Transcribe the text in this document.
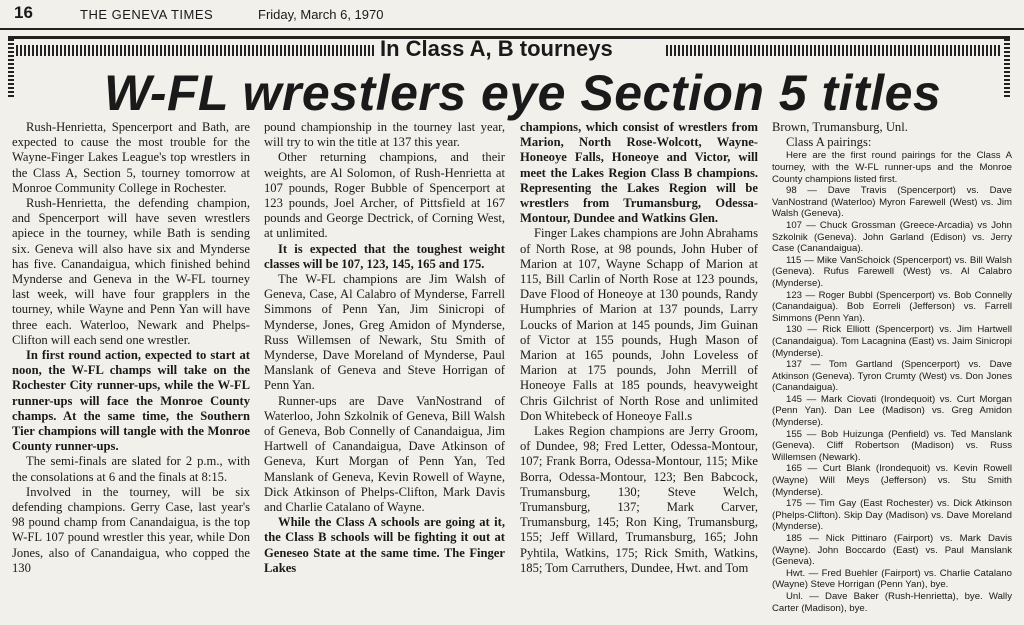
16	THE GENEVA TIMES	Friday, March 6, 1970
In Class A, B tourneys
W-FL wrestlers eye Section 5 titles

Rush-Henrietta, Spencerport and Bath, are expected to cause the most trouble for the Wayne-Finger Lakes League's top wrestlers in the Class A, Section 5, tourney tomorrow at Monroe Community College in Rochester.

Rush-Henrietta, the defending champion, and Spencerport will have seven wrestlers apiece in the tourney, while Bath is sending six. Geneva will also have six and Mynderse has five. Canandaigua, which finished behind Mynderse and Geneva in the W-FL tourney last week, will have four grapplers in the tourney, while Wayne and Penn Yan will have three each. Waterloo, Newark and Phelps-Clifton will each send one wrestler.

In first round action, expected to start at noon, the W-FL champs will take on the Rochester City runner-ups, while the W-FL runner-ups will face the Monroe County champs. At the same time, the Southern Tier champions will tangle with the Monroe County runner-ups.

The semi-finals are slated for 2 p.m., with the consolations at 6 and the finals at 8:15.

Involved in the tourney, will be six defending champions. Gerry Case, last year's 98 pound champ from Canandaigua, is the top W-FL 107 pound wrestler this year, while Don Jones, also of Canandaigua, who copped the 130

pound championship in the tourney last year, will try to win the title at 137 this year.

Other returning champions, and their weights, are Al Solomon, of Rush-Henrietta at 107 pounds, Roger Bubble of Spencerport at 123 pounds, Joel Archer, of Pittsfield at 167 pounds and George Dectrick, of Corning West, at unlimited.

It is expected that the toughest weight classes will be 107, 123, 145, 165 and 175.

The W-FL champions are Jim Walsh of Geneva, Case, Al Calabro of Mynderse, Farrell Simmons of Penn Yan, Jim Sinicropi of Mynderse, Jones, Greg Amidon of Mynderse, Russ Willemsen of Newark, Stu Smith of Mynderse, Dave Moreland of Mynderse, Paul Manslank of Geneva and Steve Horrigan of Penn Yan.

Runner-ups are Dave VanNostrand of Waterloo, John Szkolnik of Geneva, Bill Walsh of Geneva, Bob Connelly of Canandaigua, Jim Hartwell of Canandaigua, Dave Atkinson of Geneva, Kurt Morgan of Penn Yan, Ted Manslank of Geneva, Kevin Rowell of Wayne, Dick Atkinson of Phelps-Clifton, Mark Davis and Charlie Catalano of Wayne.

While the Class A schools are going at it, the Class B schools will be fighting it out at Geneseo State at the same time. The Finger Lakes

champions, which consist of wrestlers from Marion, North Rose-Wolcott, Wayne-Honeoye Falls, Honeoye and Victor, will meet the Lakes Region Class B champions. Representing the Lakes Region will be wrestlers from Trumansburg, Odessa-Montour, Dundee and Watkins Glen.

Finger Lakes champions are John Abrahams of North Rose, at 98 pounds, John Huber of Marion at 107, Wayne Schapp of Marion at 115, Bill Carlin of North Rose at 123 pounds, Dave Flood of Honeoye at 130 pounds, Randy Humphries of Marion at 137 pounds, Larry Loucks of Marion at 145 pounds, Jim Guinan of Victor at 155 pounds, Hugh Mason of Marion at 165 pounds, John Loveless of Marion at 175 pounds, John Merrill of Honeoye Falls at 185 pounds, heavyweight Chris Gilchrist of North Rose and unlimited Don Whitebeck of Honeoye Fall.s

Lakes Region champions are Jerry Groom, of Dundee, 98; Fred Letter, Odessa-Montour, 107; Frank Borra, Odessa-Montour, 115; Mike Borra, Odessa-Montour, 123; Ben Babcock, Trumansburg, 130; Steve Welch, Trumansburg, 137; Mark Carver, Trumansburg, 145; Ron King, Trumansburg, 155; Jeff Willard, Trumansburg, 165; John Pyhtila, Watkins, 175; Rick Smith, Watkins, 185; Tom Carruthers, Dundee, Hwt. and Tom

Brown, Trumansburg, Unl.

Class A pairings:

Here are the first round pairings for the Class A tourney, with the W-FL runner-ups and the Monroe County champions listed first.

98 — Dave Travis (Spencerport) vs. Dave VanNostrand (Waterloo) Myron Farewell (West) vs. Jim Walsh (Geneva).

107 — Chuck Grossman (Greece-Arcadia) vs John Szkolnik (Geneva). John Garland (Edison) vs. Jerry Case (Canandaigua).

115 — Mike VanSchoick (Spencerport) vs. Bill Walsh (Geneva). Rufus Farewell (West) vs. Al Calabro (Mynderse).

123 — Roger Bubbl (Spencerport) vs. Bob Connelly (Canandaigua). Bob Eorreli (Jefferson) vs. Farrell Simmons (Penn Yan).

130 — Rick Elliott (Spencerport) vs. Jim Hartwell (Canandaigua). Tom Lacagnina (East) vs. Jaim Sinicropi (Mynderse).

137 — Tom Gartland (Spencerport) vs. Dave Atkinson (Geneva). Tyron Crumty (West) vs. Don Jones (Canandaigua).

145 — Mark Ciovati (Irondequoit) vs. Curt Morgan (Penn Yan). Dan Lee (Madison) vs. Greg Amidon (Mynderse).

155 — Bob Huizunga (Penfield) vs. Ted Manslank (Geneva). Cliff Robertson (Madison) vs. Russ Willemsen (Newark).

165 — Curt Blank (Irondequoit) vs. Kevin Rowell (Wayne) Will Meys (Jefferson) vs. Stu Smith (Mynderse).

175 — Tim Gay (East Rochester) vs. Dick Atkinson (Phelps-Clifton). Skip Day (Madison) vs. Dave Moreland (Mynderse).

185 — Nick Pittinaro (Fairport) vs. Mark Davis (Wayne). John Boccardo (East) vs. Paul Manslank (Geneva).

Hwt. — Fred Buehler (Fairport) vs. Charlie Catalano (Wayne) Steve Horrigan (Penn Yan), bye.

Unl. — Dave Baker (Rush-Henrietta), bye. Wally Carter (Madison), bye.
